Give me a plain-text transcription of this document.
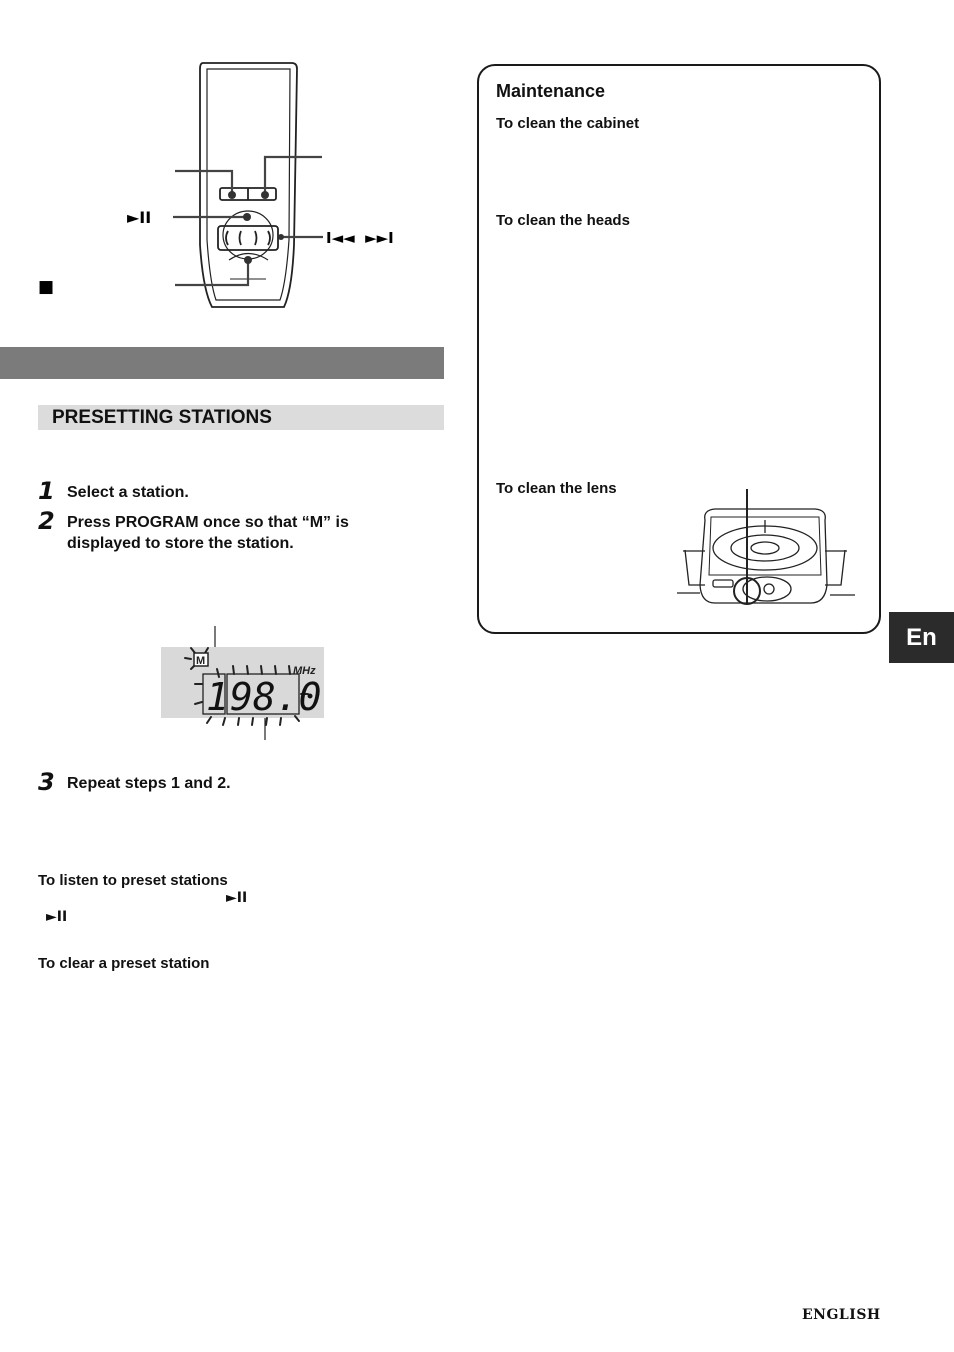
►II
I◄◄  ►►I
■
PRESETTING STATIONS
1 Select a station.
2 Press PROGRAM once so that “M” is displayed to store the station.
M
MHz
1 98.0
3 Repeat steps 1 and 2.
To listen to preset stations
►II
►II
To clear a preset station
Maintenance
To clean the cabinet
To clean the heads
To clean the lens
En
ENGLISH
